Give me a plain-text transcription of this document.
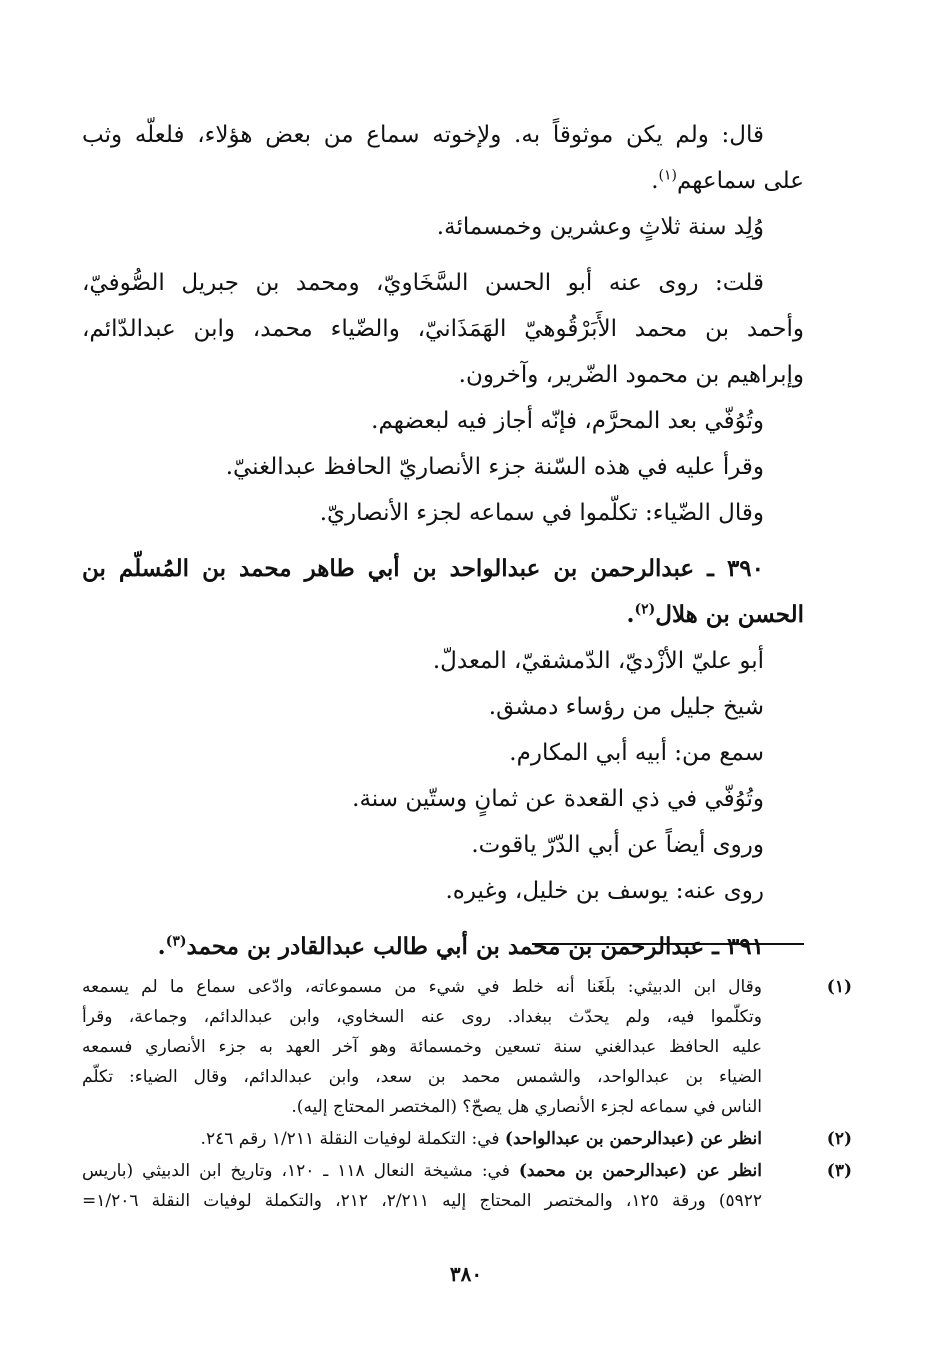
قال: ولم يكن موثوقاً به. ولإخوته سماع من بعض هؤلاء، فلعلّه وثب
على سماعهم$^{(١)}$.
وُلِد سنة ثلاثٍ وعشرين وخمسمائة.
قلت: روى عنه أبو الحسن السَّخَاويّ، ومحمد بن جبريل الصُّوفيّ،
وأحمد بن محمد الأَبَرْقُوهيّ الهَمَذَانيّ، والضّياء محمد، وابن عبدالدّائم،
وإبراهيم بن محمود الضّرير، وآخرون.
وتُوُفّي بعد المحرَّم، فإنّه أجاز فيه لبعضهم.
وقرأ عليه في هذه السّنة جزء الأنصاريّ الحافظ عبدالغنيّ.
وقال الضّياء: تكلّموا في سماعه لجزء الأنصاريّ.
٣٩٠ ـ عبدالرحمن بن عبدالواحد بن أبي طاهر محمد بن المُسلّم بن
الحسن بن هلال$^{(٢)}$.
أبو عليّ الأزْديّ، الدّمشقيّ، المعدلّ.
شيخ جليل من رؤساء دمشق.
سمع من: أبيه أبي المكارم.
وتُوُفّي في ذي القعدة عن ثمانٍ وستّين سنة.
وروى أيضاً عن أبي الدّرّ ياقوت.
روى عنه: يوسف بن خليل، وغيره.
٣٩١ ـ عبدالرحمن بن محمد بن أبي طالب عبدالقادر بن محمد$^{(٣)}$.
(١)
وقال ابن الدبيثي: بلَغَنا أنه خلط في شيء من مسموعاته، وادّعى سماع ما لم يسمعه
وتكلّموا فيه، ولم يحدّث ببغداد. روى عنه السخاوي، وابن عبدالدائم، وجماعة، وقرأ
عليه الحافظ عبدالغني سنة تسعين وخمسمائة وهو آخر العهد به جزء الأنصاري فسمعه
الضياء بن عبدالواحد، والشمس محمد بن سعد، وابن عبدالدائم، وقال الضياء: تكلّم
الناس في سماعه لجزء الأنصاري هل يصحّ؟ (المختصر المحتاج إليه).
(٢)
انظر عن (عبدالرحمن بن عبدالواحد) في: التكملة لوفيات النقلة ١/٢١١ رقم ٢٤٦.
(٣)
انظر عن (عبدالرحمن بن محمد) في: مشيخة النعال ١١٨ ـ ١٢٠، وتاريخ ابن الدبيثي (باريس
٥٩٢٢) ورقة ١٢٥، والمختصر المحتاج إليه ٢/٢١١، ٢١٢، والتكملة لوفيات النقلة ١/٢٠٦=
٣٨٠
